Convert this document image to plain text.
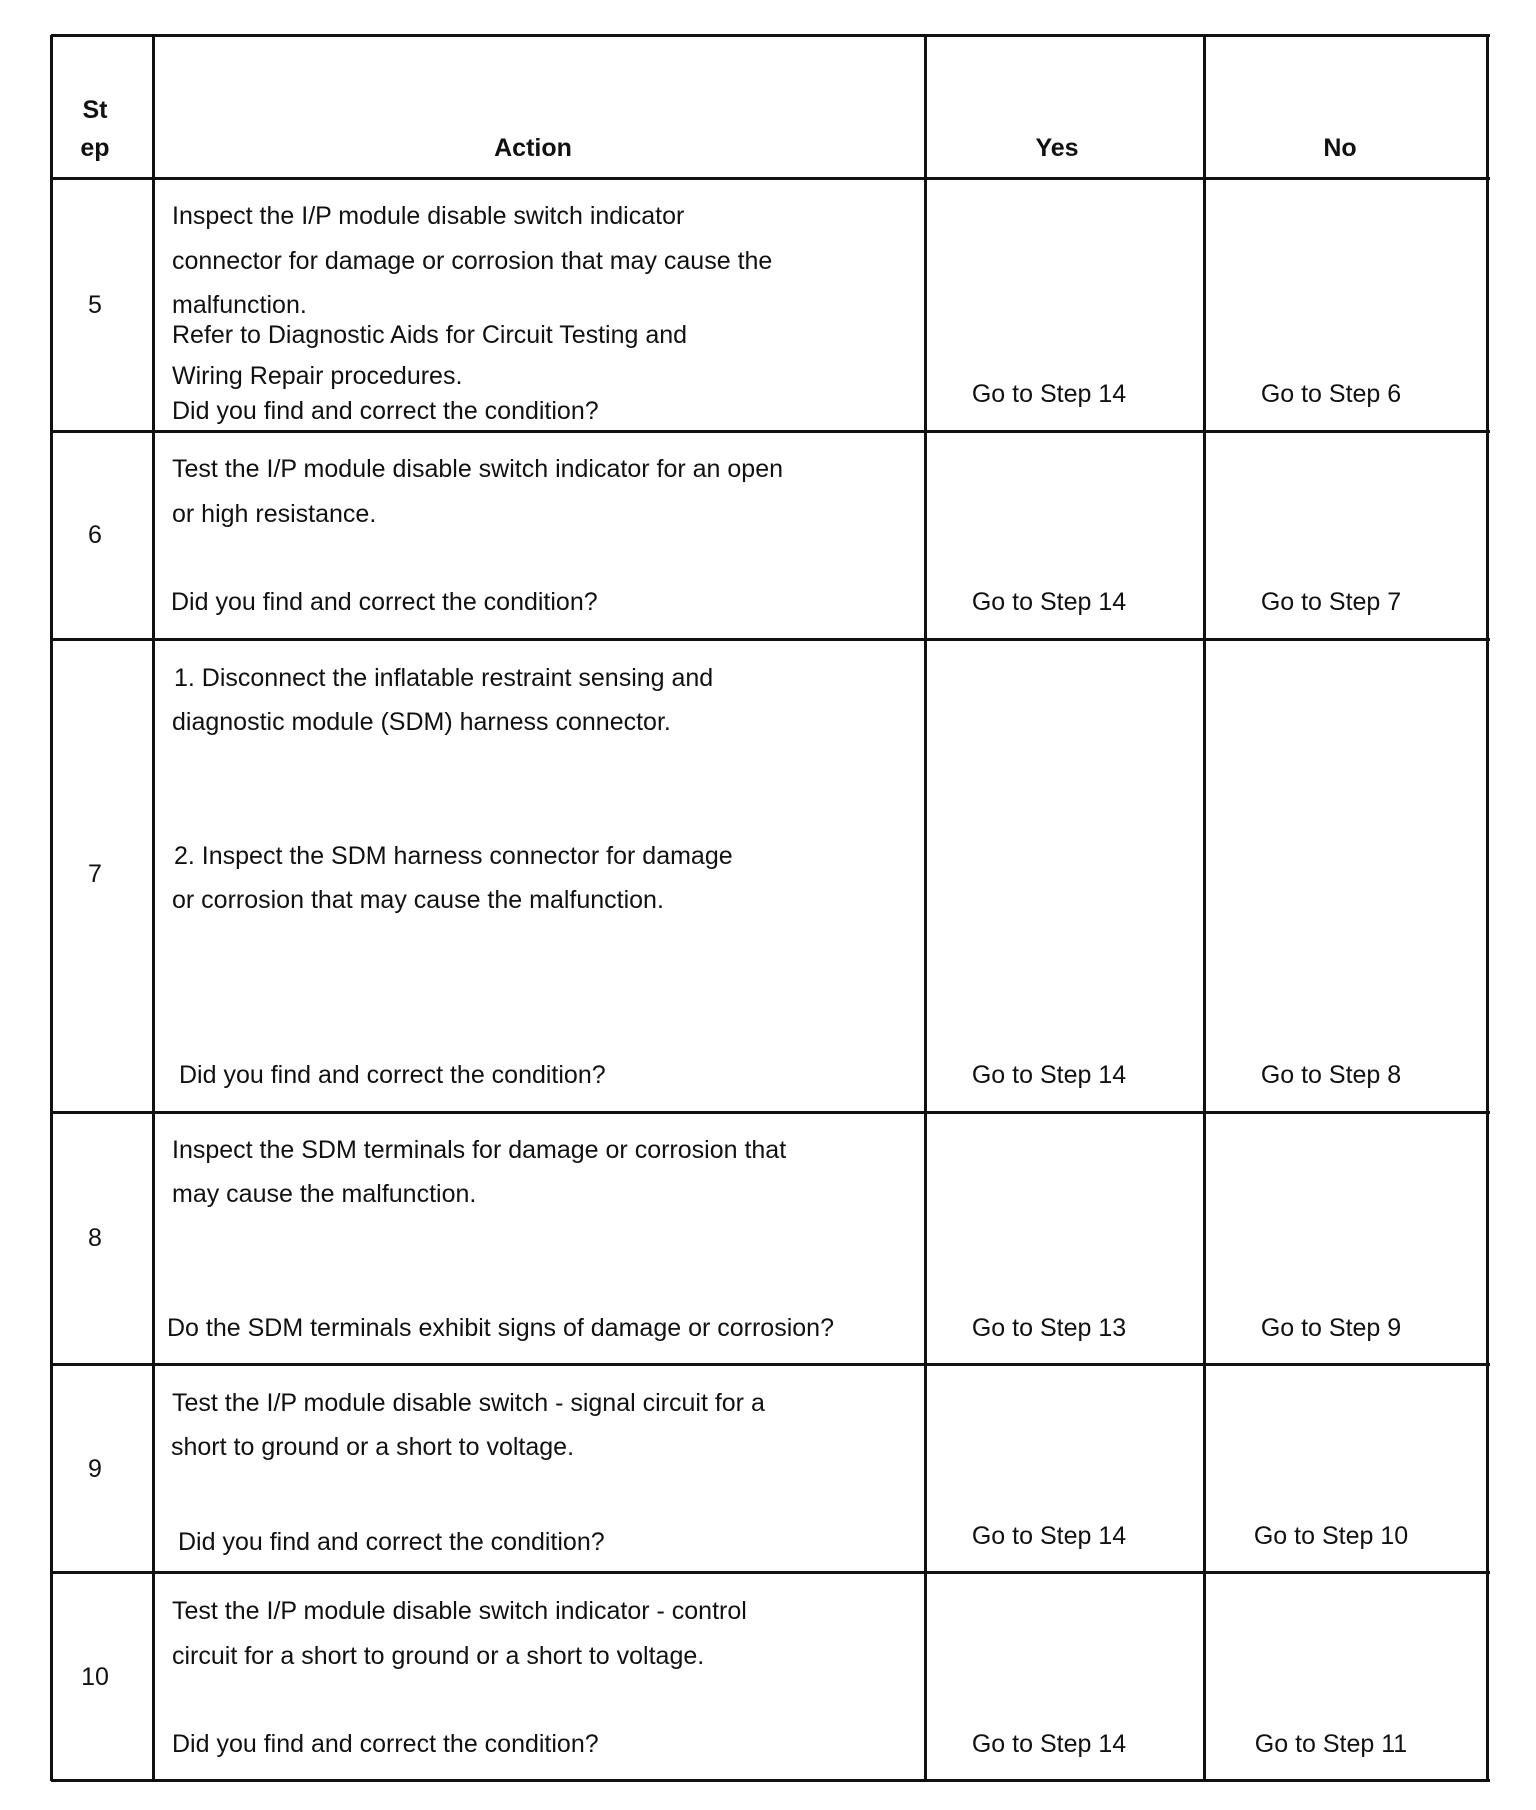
St
ep	Action	Yes	No
5
Inspect the I/P module disable switch indicator
connector for damage or corrosion that may cause the
malfunction.
Refer to Diagnostic Aids for Circuit Testing and
Wiring Repair procedures.
Did you find and correct the condition?
Go to Step 14	Go to Step 6
6
Test the I/P module disable switch indicator for an open
or high resistance.
Did you find and correct the condition?	Go to Step 14	Go to Step 7
7
1. Disconnect the inflatable restraint sensing and
diagnostic module (SDM) harness connector.
2. Inspect the SDM harness connector for damage
or corrosion that may cause the malfunction.
Did you find and correct the condition?	Go to Step 14	Go to Step 8
8
Inspect the SDM terminals for damage or corrosion that
may cause the malfunction.
Do the SDM terminals exhibit signs of damage or corrosion?	Go to Step 13	Go to Step 9
9
Test the I/P module disable switch - signal circuit for a
short to ground or a short to voltage.
Did you find and correct the condition?	Go to Step 14	Go to Step 10
10
Test the I/P module disable switch indicator - control
circuit for a short to ground or a short to voltage.
Did you find and correct the condition?	Go to Step 14	Go to Step 11
